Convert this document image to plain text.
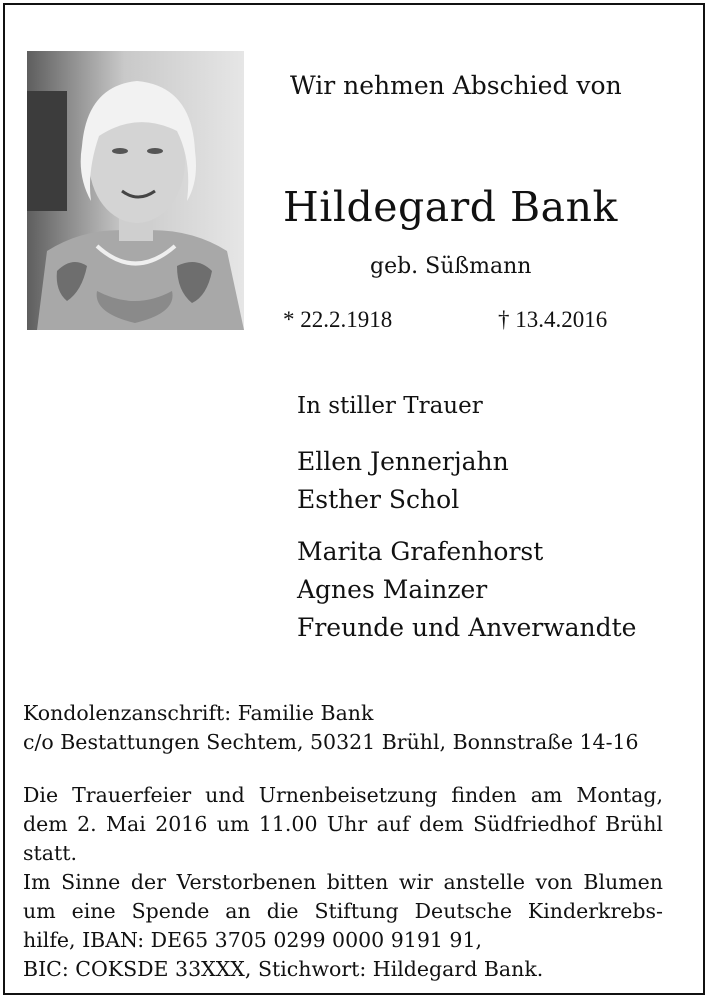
Wir nehmen Abschied von

Hildegard Bank

geb. Süßmann

* 22.2.1918	† 13.4.2016

In stiller Trauer

Ellen Jennerjahn
Esther Schol
Marita Grafenhorst
Agnes Mainzer
Freunde und Anverwandte
Kondolenzanschrift: Familie Bank
c/o Bestattungen Sechtem, 50321 Brühl, Bonnstraße 14-16
Die Trauerfeier und Urnenbeisetzung finden am Montag,
dem 2. Mai 2016 um 11.00 Uhr auf dem Südfriedhof Brühl
statt.
Im Sinne der Verstorbenen bitten wir anstelle von Blumen
um eine Spende an die Stiftung Deutsche Kinderkrebs-
hilfe, IBAN: DE65 3705 0299 0000 9191 91,
BIC: COKSDE 33XXX, Stichwort: Hildegard Bank.
